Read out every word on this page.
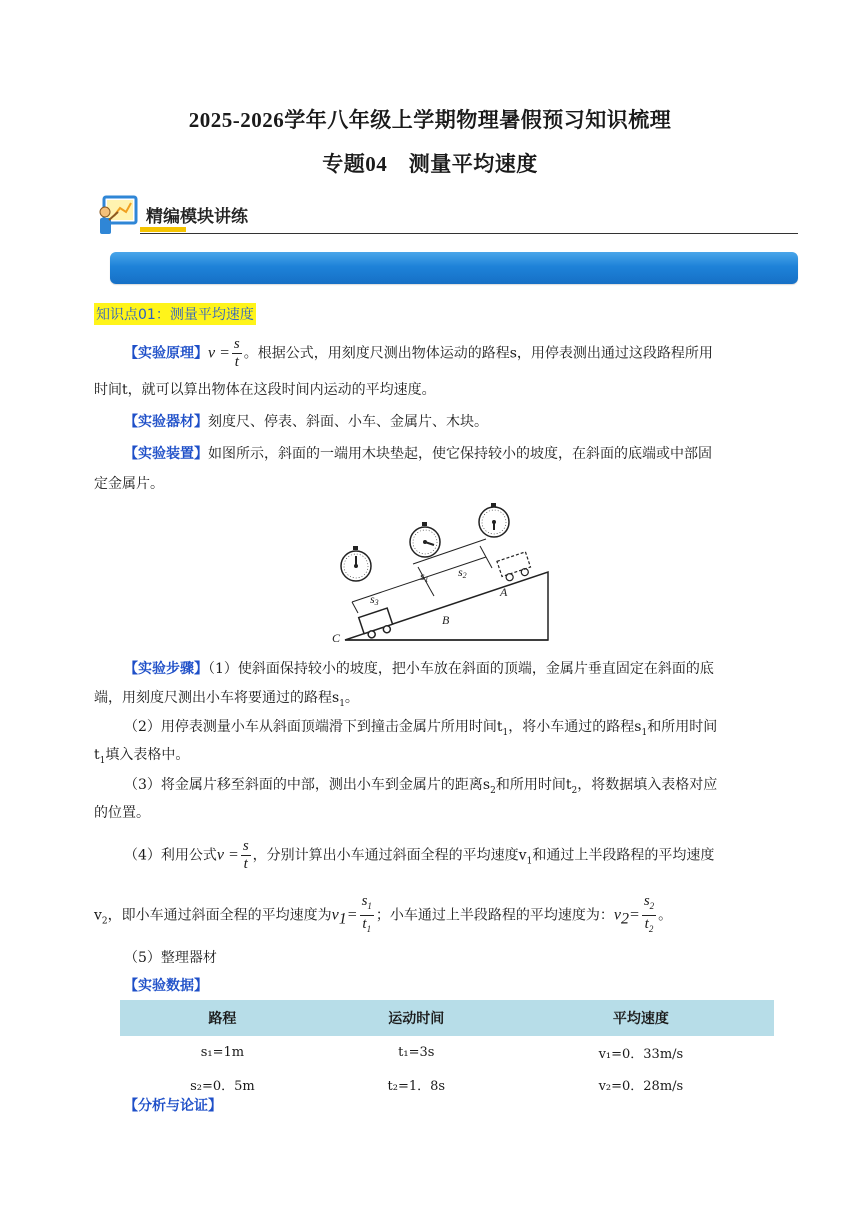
2025-2026学年八年级上学期物理暑假预习知识梳理
专题04　测量平均速度
精编模块讲练
知识点01：测量平均速度
【实验原理】$v = \frac{s}{t}$ 。根据公式，用刻度尺测出物体运动的路程s，用停表测出通过这段路程所用
时间t，就可以算出物体在这段时间内运动的平均速度。
【实验器材】刻度尺、停表、斜面、小车、金属片、木块。
【实验装置】如图所示，斜面的一端用木块垫起，使它保持较小的坡度，在斜面的底端或中部固
定金属片。
s3
s1
s2
A
B
C
【实验步骤】（1）使斜面保持较小的坡度，把小车放在斜面的顶端，金属片垂直固定在斜面的底
端，用刻度尺测出小车将要通过的路程$s_1$。
（2）用停表测量小车从斜面顶端滑下到撞击金属片所用时间$t_1$，将小车通过的路程$s_1$和所用时间
$t_1$填入表格中。
（3）将金属片移至斜面的中部，测出小车到金属片的距离$s_2$和所用时间$t_2$，将数据填入表格对应
的位置。
（4）利用公式$v = \frac{s}{t}$ ，分别计算出小车通过斜面全程的平均速度$v_1$和通过上半段路程的平均速度
$v_2$，即小车通过斜面全程的平均速度为$v_1= \frac{s_1}{t_1}$ ；小车通过上半段路程的平均速度为：$v_2= \frac{s_2}{t_2}$ 。
（5）整理器材
【实验数据】
路程	运动时间	平均速度
s₁=1m	t₁=3s	v₁=0．33m/s
s₂=0．5m	t₂=1．8s	v₂=0．28m/s
【分析与论证】
